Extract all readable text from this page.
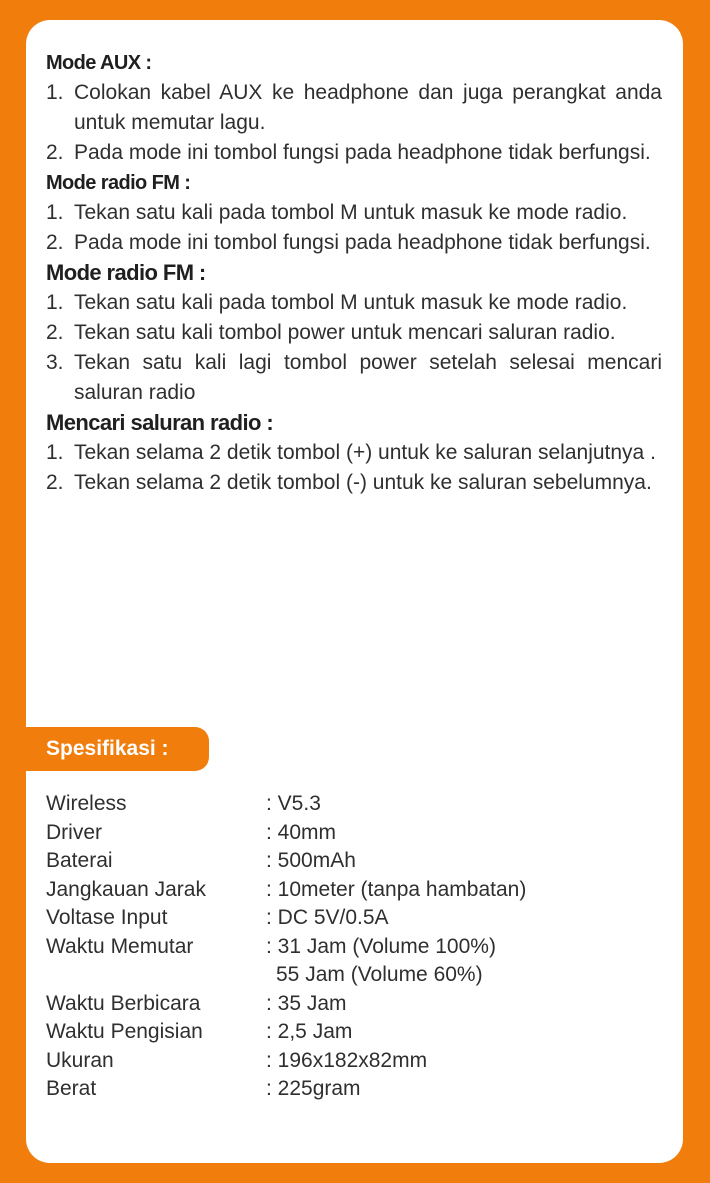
Mode AUX :
1. Colokan kabel AUX ke headphone dan juga perangkat anda untuk memutar lagu.
2. Pada mode ini tombol fungsi pada headphone tidak berfungsi.
Mode radio FM :
1. Tekan satu kali pada tombol M untuk masuk ke mode radio.
2. Pada mode ini tombol fungsi pada headphone tidak berfungsi.
Mode radio FM :
1. Tekan satu kali pada tombol M untuk masuk ke mode radio.
2. Tekan satu kali tombol power untuk mencari saluran radio.
3. Tekan satu kali lagi tombol power setelah selesai mencari saluran radio
Mencari saluran radio :
1. Tekan selama 2 detik tombol (+) untuk ke saluran selanjutnya .
2. Tekan selama 2 detik tombol (-) untuk ke saluran sebelumnya.
Spesifikasi :
Wireless	: V5.3
Driver	: 40mm
Baterai	: 500mAh
Jangkauan Jarak	: 10meter (tanpa hambatan)
Voltase Input	: DC 5V/0.5A
Waktu Memutar	: 31 Jam (Volume 100%)
55 Jam (Volume 60%)
Waktu Berbicara	: 35 Jam
Waktu Pengisian	: 2,5 Jam
Ukuran	: 196x182x82mm
Berat	: 225gram
